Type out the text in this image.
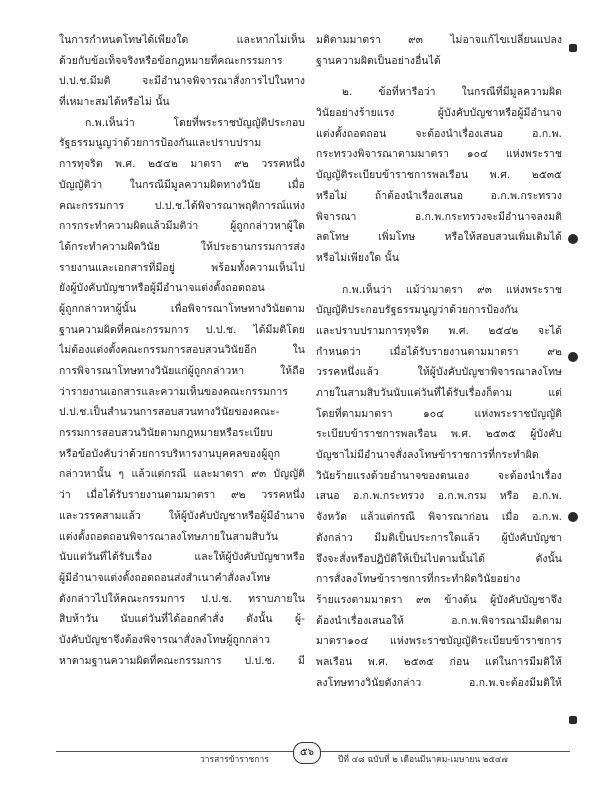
ในการกำหนดโทษได้เพียงใด และหากไม่เห็น
ด้วยกับข้อเท็จจริงหรือข้อกฎหมายที่คณะกรรมการ
ป.ป.ช.มีมติ จะมีอำนาจพิจารณาสั่งการไปในทาง
ที่เหมาะสมได้หรือไม่ นั้น
ก.พ.เห็นว่า โดยที่พระราชบัญญัติประกอบ
รัฐธรรมนูญว่าด้วยการป้องกันและปราบปราม
การทุจริต พ.ศ. ๒๕๔๒ มาตรา ๙๒ วรรคหนึ่ง
บัญญัติว่า ในกรณีมีมูลความผิดทางวินัย เมื่อ
คณะกรรมการ ป.ป.ช.ได้พิจารณาพฤติการณ์แห่ง
การกระทำความผิดแล้วมีมติว่า ผู้ถูกกล่าวหาผู้ใด
ได้กระทำความผิดวินัย ให้ประธานกรรมการส่ง
รายงานและเอกสารที่มีอยู่ พร้อมทั้งความเห็นไป
ยังผู้บังคับบัญชาหรือผู้มีอำนาจแต่งตั้งถอดถอน
ผู้ถูกกล่าวหาผู้นั้น เพื่อพิจารณาโทษทางวินัยตาม
ฐานความผิดที่คณะกรรมการ ป.ป.ช. ได้มีมติโดย
ไม่ต้องแต่งตั้งคณะกรรมการสอบสวนวินัยอีก ใน
การพิจารณาโทษทางวินัยแก่ผู้ถูกกล่าวหา ให้ถือ
ว่ารายงานเอกสารและความเห็นของคณะกรรมการ
ป.ป.ช.เป็นสำนวนการสอบสวนทางวินัยของคณะ-
กรรมการสอบสวนวินัยตามกฎหมายหรือระเบียบ
หรือข้อบังคับว่าด้วยการบริหารงานบุคคลของผู้ถูก
กล่าวหานั้น ๆ แล้วแต่กรณี และมาตรา ๙๓ บัญญัติ
ว่า เมื่อได้รับรายงานตามมาตรา ๙๒ วรรคหนึ่ง
และวรรคสามแล้ว ให้ผู้บังคับบัญชาหรือผู้มีอำนาจ
แต่งตั้งถอดถอนพิจารณาลงโทษภายในสามสิบวัน
นับแต่วันที่ได้รับเรื่อง และให้ผู้บังคับบัญชาหรือ
ผู้มีอำนาจแต่งตั้งถอดถอนส่งสำเนาคำสั่งลงโทษ
ดังกล่าวไปให้คณะกรรมการ ป.ป.ช. ทราบภายใน
สิบห้าวัน นับแต่วันที่ได้ออกคำสั่ง ดังนั้น ผู้-
บังคับบัญชาจึงต้องพิจารณาสั่งลงโทษผู้ถูกกล่าว
หาตามฐานความผิดที่คณะกรรมการ ป.ป.ช. มี
มติตามมาตรา ๙๓ ไม่อาจแก้ไขเปลี่ยนแปลง
ฐานความผิดเป็นอย่างอื่นได้
๒. ข้อที่หารือว่า ในกรณีที่มีมูลความผิด
วินัยอย่างร้ายแรง ผู้บังคับบัญชาหรือผู้มีอำนาจ
แต่งตั้งถอดถอน จะต้องนำเรื่องเสนอ อ.ก.พ.
กระทรวงพิจารณาตามมาตรา ๑๐๔ แห่งพระราช
บัญญัติระเบียบข้าราชการพลเรือน พ.ศ. ๒๕๓๕
หรือไม่ ถ้าต้องนำเรื่องเสนอ อ.ก.พ.กระทรวง
พิจารณา อ.ก.พ.กระทรวงจะมีอำนาจลงมติ
ลดโทษ เพิ่มโทษ หรือให้สอบสวนเพิ่มเติมได้
หรือไม่เพียงใด นั้น
ก.พ.เห็นว่า แม้ว่ามาตรา ๙๓ แห่งพระราช
บัญญัติประกอบรัฐธรรมนูญว่าด้วยการป้องกัน
และปราบปรามการทุจริต พ.ศ. ๒๕๔๒ จะได้
กำหนดว่า เมื่อได้รับรายงานตามมาตรา ๙๒
วรรคหนึ่งแล้ว ให้ผู้บังคับบัญชาพิจารณาลงโทษ
ภายในสามสิบวันนับแต่วันที่ได้รับเรื่องก็ตาม แต่
โดยที่ตามมาตรา ๑๐๔ แห่งพระราชบัญญัติ
ระเบียบข้าราชการพลเรือน พ.ศ. ๒๕๓๕ ผู้บังคับ
บัญชาไม่มีอำนาจสั่งลงโทษข้าราชการที่กระทำผิด
วินัยร้ายแรงด้วยอำนาจของตนเอง จะต้องนำเรื่อง
เสนอ อ.ก.พ.กระทรวง อ.ก.พ.กรม หรือ อ.ก.พ.
จังหวัด แล้วแต่กรณี พิจารณาก่อน เมื่อ อ.ก.พ.
ดังกล่าว มีมติเป็นประการใดแล้ว ผู้บังคับบัญชา
จึงจะสั่งหรือปฏิบัติให้เป็นไปตามนั้นได้ ดังนั้น
การสั่งลงโทษข้าราชการที่กระทำผิดวินัยอย่าง
ร้ายแรงตามมาตรา ๙๓ ข้างต้น ผู้บังคับบัญชาจึง
ต้องนำเรื่องเสนอให้ อ.ก.พ.พิจารณามีมติตาม
มาตรา๑๐๔ แห่งพระราชบัญญัติระเบียบข้าราชการ
พลเรือน พ.ศ. ๒๕๓๕ ก่อน แต่ในการมีมติให้
ลงโทษทางวินัยดังกล่าว อ.ก.พ.จะต้องมีมติให้
วารสารข้าราชการ
๕๖
ปีที่ ๔๘ ฉบับที่ ๒ เดือนมีนาคม-เมษายน ๒๕๔๗
